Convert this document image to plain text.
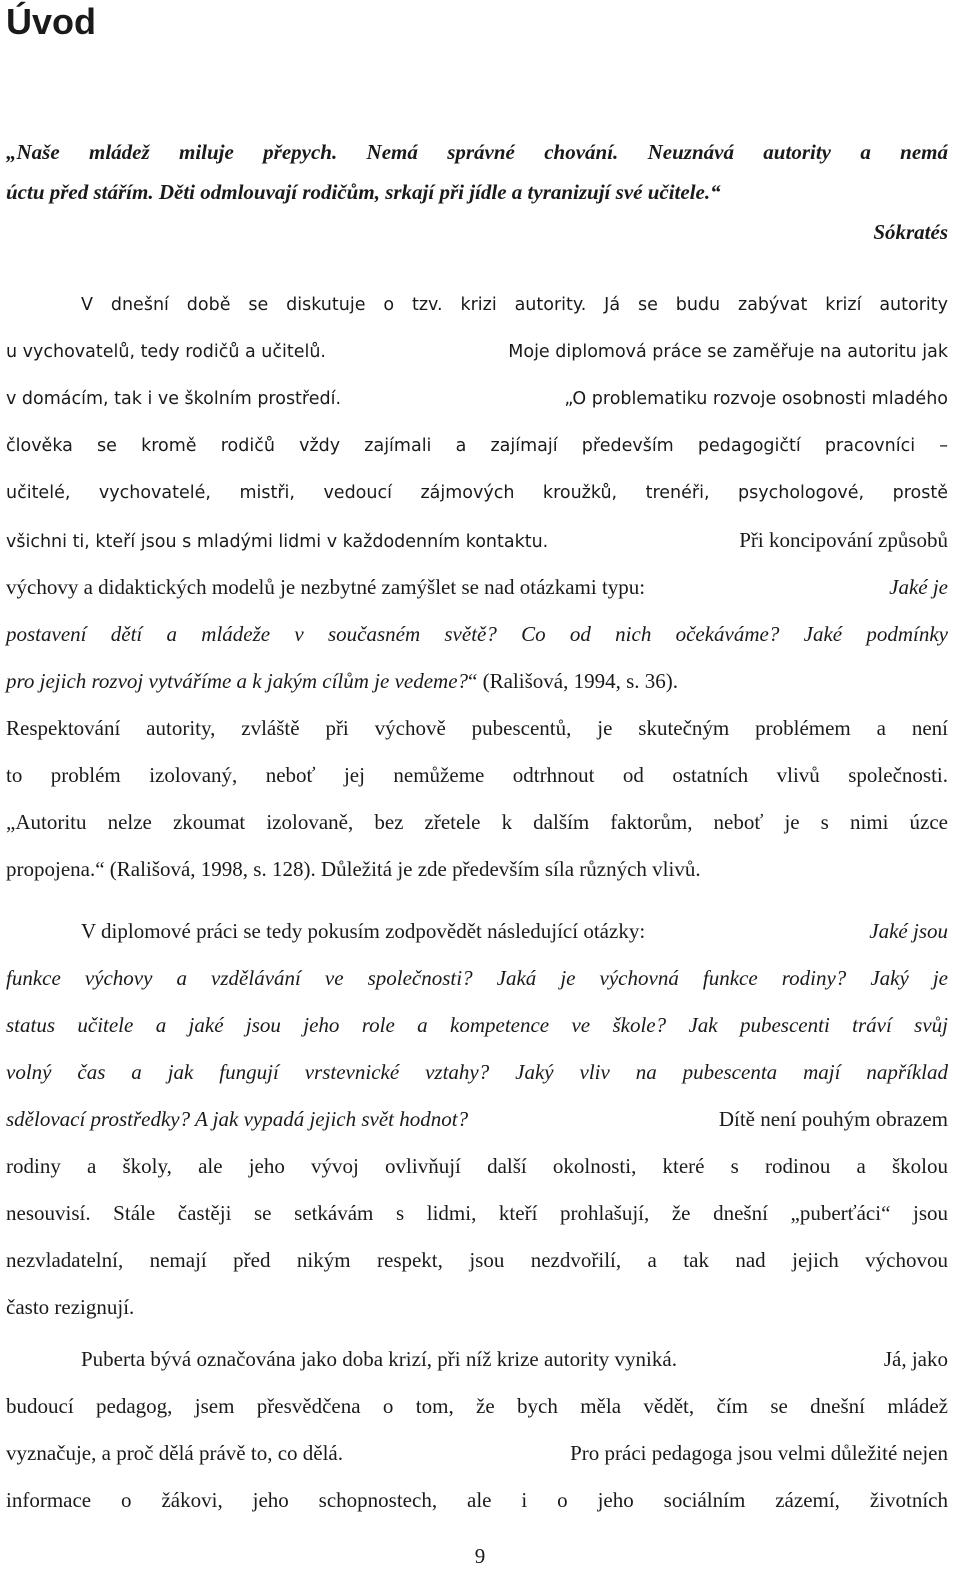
Úvod
„Naše mládež miluje přepych. Nemá správné chování. Neuznává autority a nemá
úctu před stářím. Děti odmlouvají rodičům, srkají při jídle a tyranizují své učitele.“
Sókratés
V dnešní době se diskutuje o tzv. krizi autority. Já se budu zabývat krizí autority
u vychovatelů, tedy rodičů a učitelů.	Moje diplomová práce se zaměřuje na autoritu jak
v domácím, tak i ve školním prostředí.	„O problematiku rozvoje osobnosti mladého
člověka se kromě rodičů vždy zajímali a zajímají především pedagogičtí pracovníci –
učitelé, vychovatelé, mistři, vedoucí zájmových kroužků, trenéři, psychologové, prostě
všichni ti, kteří jsou s mladými lidmi v každodenním kontaktu.	Při koncipování způsobů
výchovy a didaktických modelů je nezbytné zamýšlet se nad otázkami typu:	Jaké je
postavení dětí a mládeže v současném světě? Co od nich očekáváme? Jaké podmínky
pro jejich rozvoj vytváříme a k jakým cílům je vedeme?“ (Rališová, 1994, s. 36).
Respektování autority, zvláště při výchově pubescentů, je skutečným problémem a není
to problém izolovaný, neboť jej nemůžeme odtrhnout od ostatních vlivů společnosti.
„Autoritu nelze zkoumat izolovaně, bez zřetele k dalším faktorům, neboť je s nimi úzce
propojena.“ (Rališová, 1998, s. 128). Důležitá je zde především síla různých vlivů.
V diplomové práci se tedy pokusím zodpovědět následující otázky:	Jaké jsou
funkce výchovy a vzdělávání ve společnosti? Jaká je výchovná funkce rodiny? Jaký je
status učitele a jaké jsou jeho role a kompetence ve škole? Jak pubescenti tráví svůj
volný čas a jak fungují vrstevnické vztahy? Jaký vliv na pubescenta mají například
sdělovací prostředky? A jak vypadá jejich svět hodnot?	Dítě není pouhým obrazem
rodiny a školy, ale jeho vývoj ovlivňují další okolnosti, které s rodinou a školou
nesouvisí. Stále častěji se setkávám s lidmi, kteří prohlašují, že dnešní „puberťáci“ jsou
nezvladatelní, nemají před nikým respekt, jsou nezdvořilí, a tak nad jejich výchovou
často rezignují.
Puberta bývá označována jako doba krizí, při níž krize autority vyniká.	Já, jako
budoucí pedagog, jsem přesvědčena o tom, že bych měla vědět, čím se dnešní mládež
vyznačuje, a proč dělá právě to, co dělá.	Pro práci pedagoga jsou velmi důležité nejen
informace o žákovi, jeho schopnostech, ale i o jeho sociálním zázemí, životních
9
